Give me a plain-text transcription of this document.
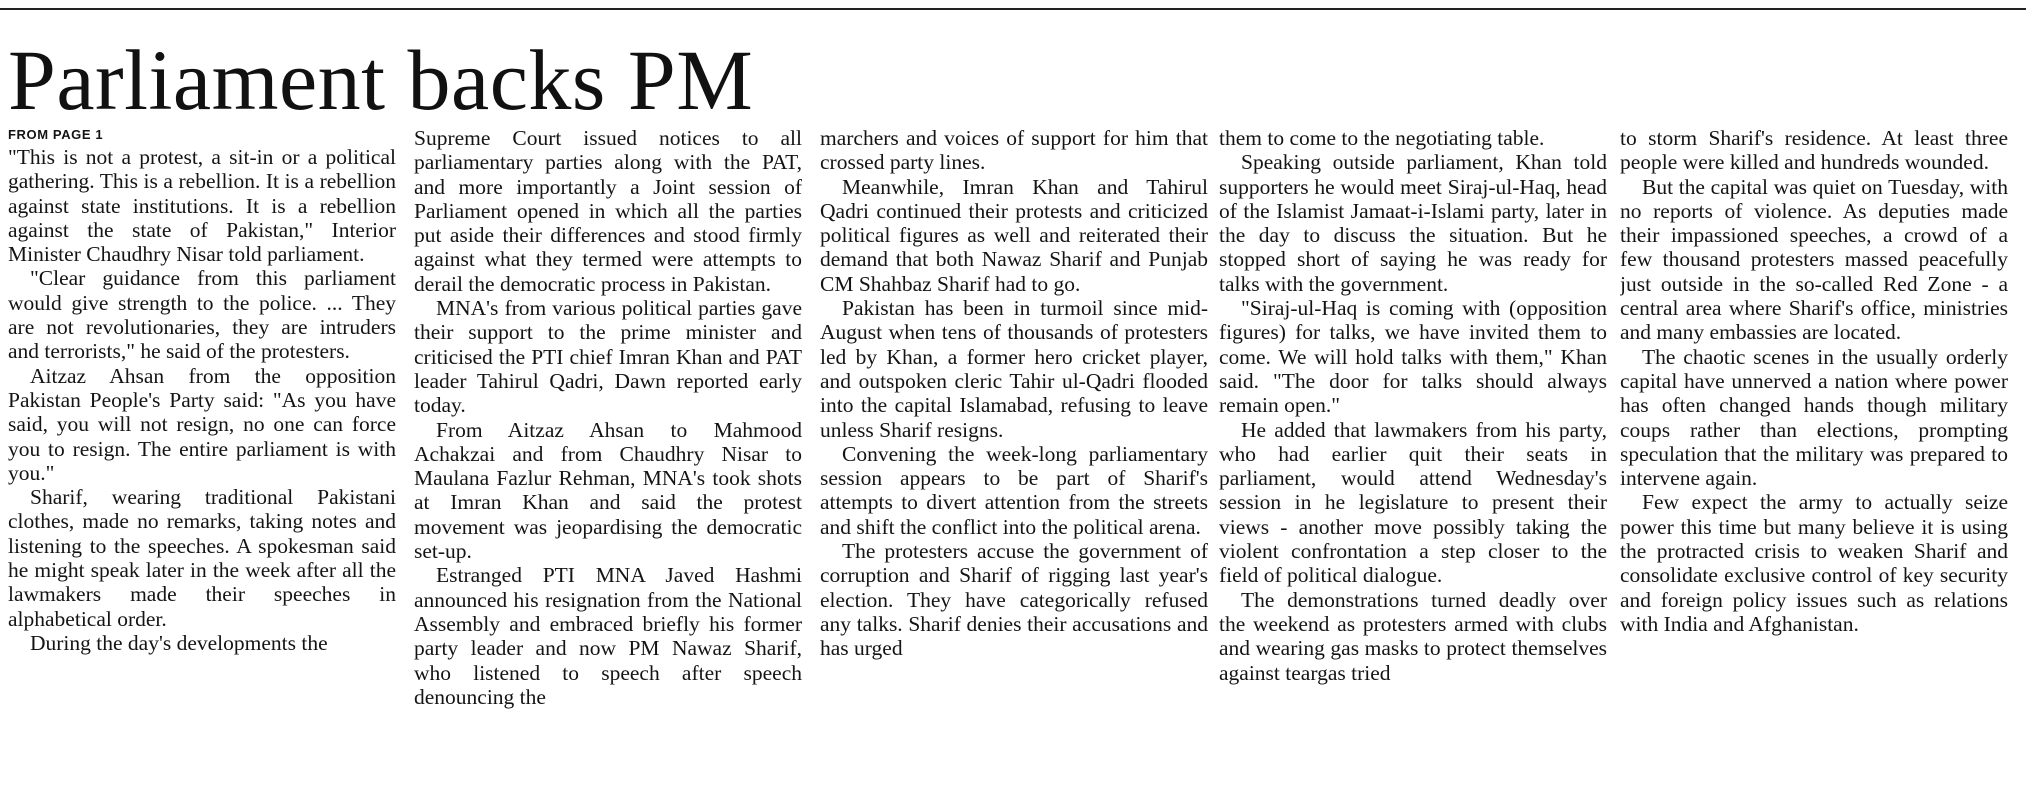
Parliament backs PM
FROM PAGE 1

"This is not a protest, a sit-in or a political gathering. This is a rebellion. It is a rebellion against state institutions. It is a rebellion against the state of Pakistan," Interior Minister Chaudhry Nisar told parliament.

"Clear guidance from this parliament would give strength to the police. ... They are not revolutionaries, they are intruders and terrorists," he said of the protesters.

Aitzaz Ahsan from the opposition Pakistan People's Party said: "As you have said, you will not resign, no one can force you to resign. The entire parliament is with you."

Sharif, wearing traditional Pakistani clothes, made no remarks, taking notes and listening to the speeches. A spokesman said he might speak later in the week after all the lawmakers made their speeches in alphabetical order.

During the day's developments the

Supreme Court issued notices to all parliamentary parties along with the PAT, and more importantly a Joint session of Parliament opened in which all the parties put aside their differences and stood firmly against what they termed were attempts to derail the democratic process in Pakistan.

MNA's from various political parties gave their support to the prime minister and criticised the PTI chief Imran Khan and PAT leader Tahirul Qadri, Dawn reported early today.

From Aitzaz Ahsan to Mahmood Achakzai and from Chaudhry Nisar to Maulana Fazlur Rehman, MNA's took shots at Imran Khan and said the protest movement was jeopardising the democratic set-up.

Estranged PTI MNA Javed Hashmi announced his resignation from the National Assembly and embraced briefly his former party leader and now PM Nawaz Sharif, who listened to speech after speech denouncing the

marchers and voices of support for him that crossed party lines.

Meanwhile, Imran Khan and Tahirul Qadri continued their protests and criticized political figures as well and reiterated their demand that both Nawaz Sharif and Punjab CM Shahbaz Sharif had to go.

Pakistan has been in turmoil since mid-August when tens of thousands of protesters led by Khan, a former hero cricket player, and outspoken cleric Tahir ul-Qadri flooded into the capital Islamabad, refusing to leave unless Sharif resigns.

Convening the week-long parliamentary session appears to be part of Sharif's attempts to divert attention from the streets and shift the conflict into the political arena.

The protesters accuse the government of corruption and Sharif of rigging last year's election. They have categorically refused any talks. Sharif denies their accusations and has urged

them to come to the negotiating table.

Speaking outside parliament, Khan told supporters he would meet Siraj-ul-Haq, head of the Islamist Jamaat-i-Islami party, later in the day to discuss the situation. But he stopped short of saying he was ready for talks with the government.

"Siraj-ul-Haq is coming with (opposition figures) for talks, we have invited them to come. We will hold talks with them," Khan said. "The door for talks should always remain open."

He added that lawmakers from his party, who had earlier quit their seats in parliament, would attend Wednesday's session in he legislature to present their views - another move possibly taking the violent confrontation a step closer to the field of political dialogue.

The demonstrations turned deadly over the weekend as protesters armed with clubs and wearing gas masks to protect themselves against teargas tried

to storm Sharif's residence. At least three people were killed and hundreds wounded.

But the capital was quiet on Tuesday, with no reports of violence. As deputies made their impassioned speeches, a crowd of a few thousand protesters massed peacefully just outside in the so-called Red Zone - a central area where Sharif's office, ministries and many embassies are located.

The chaotic scenes in the usually orderly capital have unnerved a nation where power has often changed hands though military coups rather than elections, prompting speculation that the military was prepared to intervene again.

Few expect the army to actually seize power this time but many believe it is using the protracted crisis to weaken Sharif and consolidate exclusive control of key security and foreign policy issues such as relations with India and Afghanistan.
